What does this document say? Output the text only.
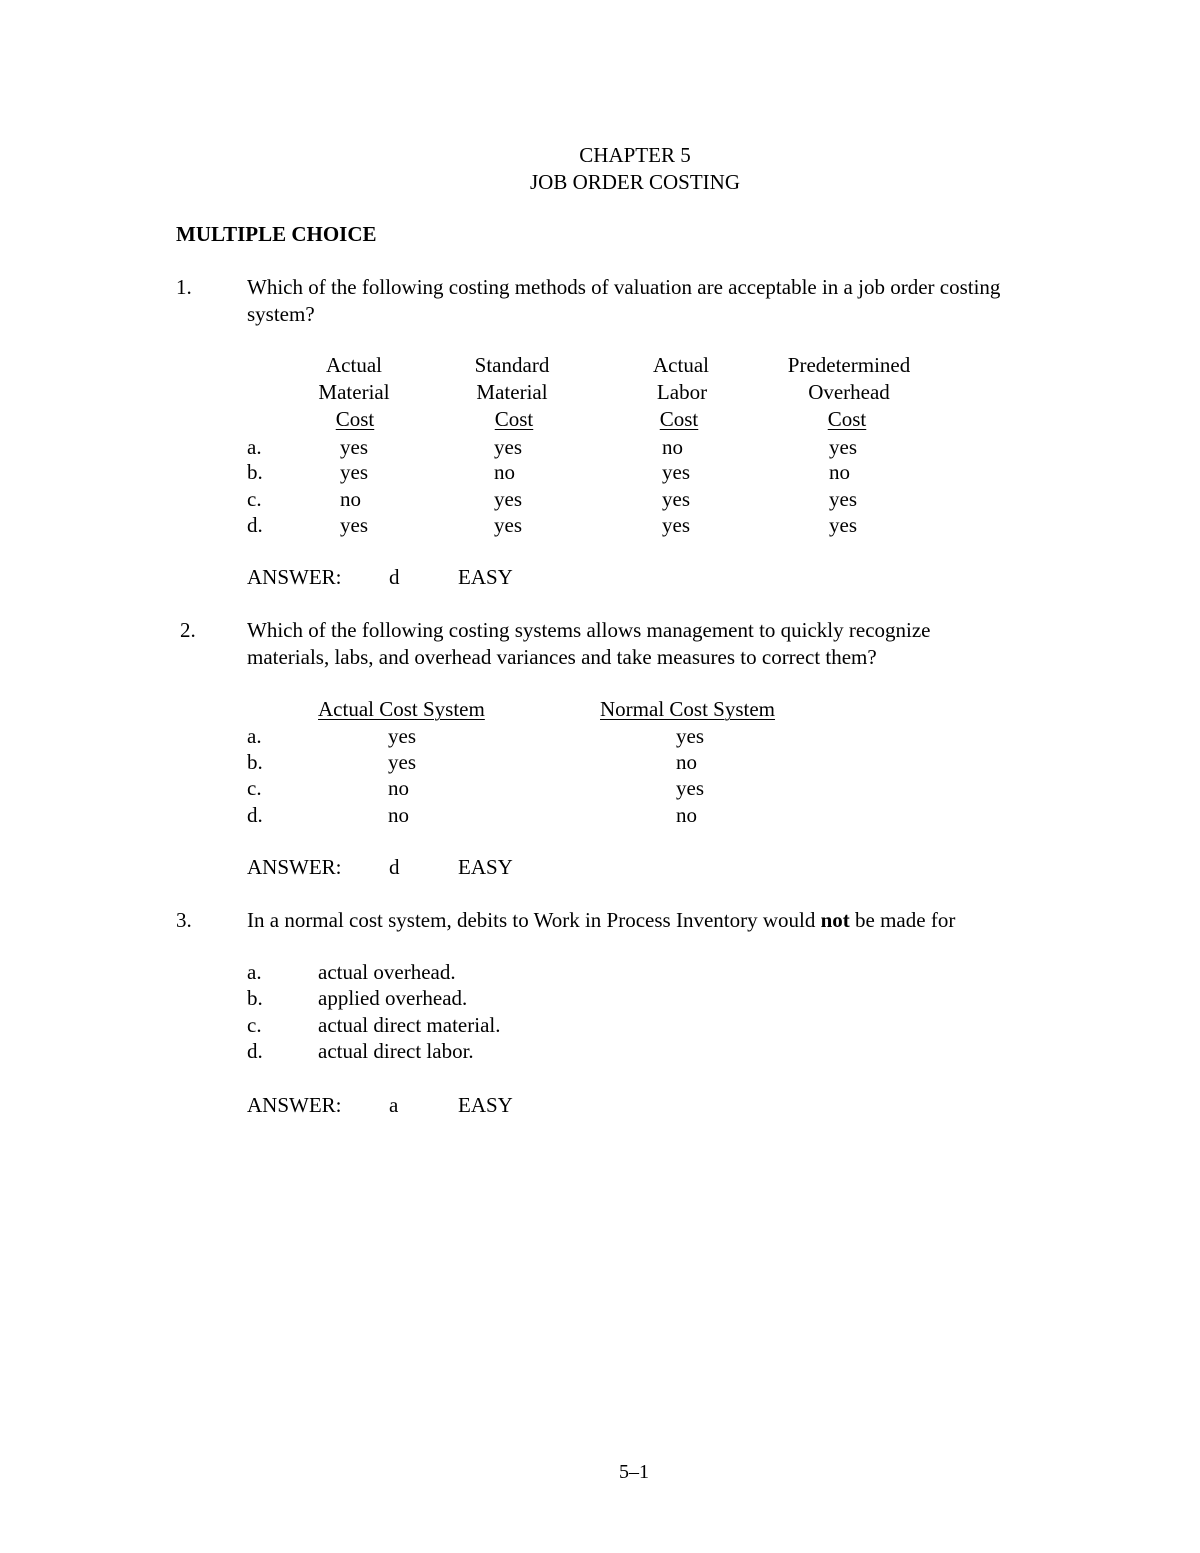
CHAPTER 5
JOB ORDER COSTING
MULTIPLE CHOICE
1.	Which of the following costing methods of valuation are acceptable in a job order costing
system?
Actual
Material
Cost
Standard
Material
Cost
Actual
Labor
Cost
Predetermined
Overhead
Cost
a.	yes	yes	no	yes
b.	yes	no	yes	no
c.	no	yes	yes	yes
d.	yes	yes	yes	yes
ANSWER: d	EASY
2. Which of the following costing systems allows management to quickly recognize
materials, labs, and overhead variances and take measures to correct them?
Actual Cost System	Normal Cost System
a.	yes	yes
b.	yes	no
c.	no	yes
d.	no	no
ANSWER: d	EASY
3.	In a normal cost system, debits to Work in Process Inventory would not be made for
a.	actual overhead.
b.	applied overhead.
c.	actual direct material.
d.	actual direct labor.
ANSWER: a	EASY
5–1
